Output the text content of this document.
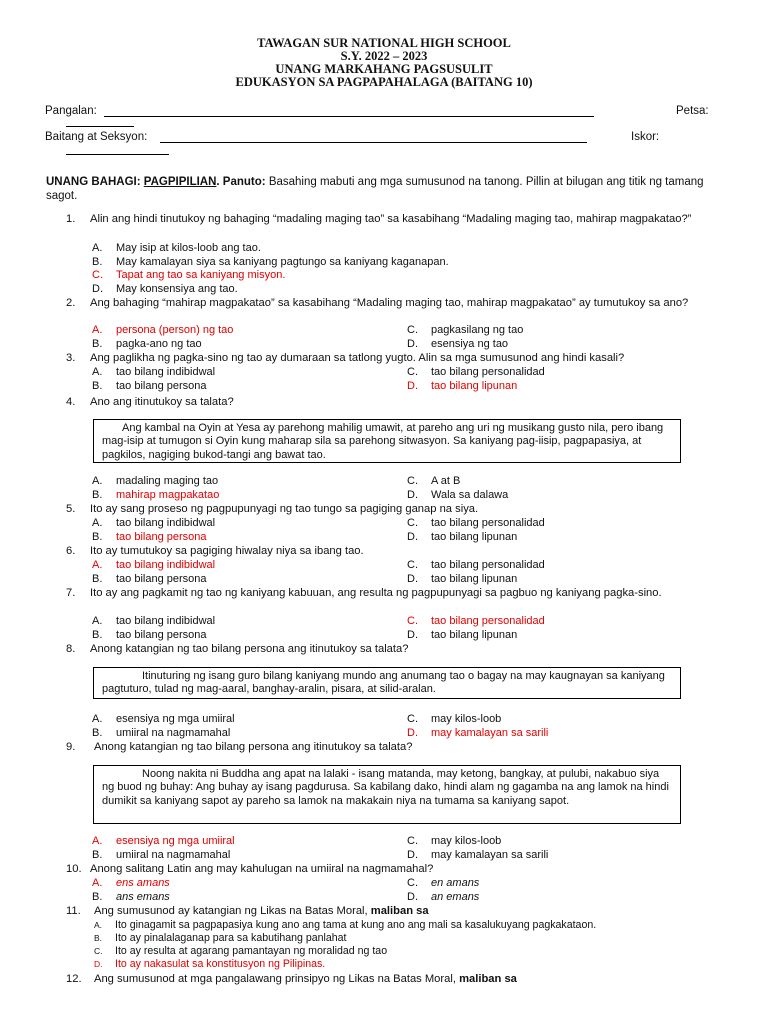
TAWAGAN SUR NATIONAL HIGH SCHOOL
S.Y. 2022 – 2023
UNANG MARKAHANG PAGSUSULIT
EDUKASYON SA PAGPAPAHALAGA (BAITANG 10)
Pangalan:	Petsa:
Baitang at Seksyon:	Iskor:
UNANG BAHAGI: PAGPIPILIAN. Panuto: Basahing mabuti ang mga sumusunod na tanong. Pillin at bilugan ang titik ng tamang sagot.
1. Alin ang hindi tinutukoy ng bahaging “madaling maging tao” sa kasabihang “Madaling maging tao, mahirap magpakatao?”
A. May isip at kilos-loob ang tao.
B. May kamalayan siya sa kaniyang pagtungo sa kaniyang kaganapan.
C. Tapat ang tao sa kaniyang misyon.
D. May konsensiya ang tao.
2. Ang bahaging “mahirap magpakatao” sa kasabihang “Madaling maging tao, mahirap magpakatao” ay tumutukoy sa ano?
A. persona (person) ng tao	C. pagkasilang ng tao
B. pagka-ano ng tao	D. esensiya ng tao
3. Ang paglikha ng pagka-sino ng tao ay dumaraan sa tatlong yugto. Alin sa mga sumusunod ang hindi kasali?
A. tao bilang indibidwal	C. tao bilang personalidad
B. tao bilang persona	D. tao bilang lipunan
4. Ano ang itinutukoy sa talata?
Ang kambal na Oyin at Yesa ay parehong mahilig umawit, at pareho ang uri ng musikang gusto nila, pero ibang mag-isip at tumugon si Oyin kung maharap sila sa parehong sitwasyon. Sa kaniyang pag-iisip, pagpapasiya, at pagkilos, nagiging bukod-tangi ang bawat tao.
A. madaling maging tao	C. A at B
B. mahirap magpakatao	D. Wala sa dalawa
5. Ito ay sang proseso ng pagpupunyagi ng tao tungo sa pagiging ganap na siya.
A. tao bilang indibidwal	C. tao bilang personalidad
B. tao bilang persona	D. tao bilang lipunan
6. Ito ay tumutukoy sa pagiging hiwalay niya sa ibang tao.
A. tao bilang indibidwal	C. tao bilang personalidad
B. tao bilang persona	D. tao bilang lipunan
7. Ito ay ang pagkamit ng tao ng kaniyang kabuuan, ang resulta ng pagpupunyagi sa pagbuo ng kaniyang pagka-sino.
A. tao bilang indibidwal	C. tao bilang personalidad
B. tao bilang persona	D. tao bilang lipunan
8. Anong katangian ng tao bilang persona ang itinutukoy sa talata?
Itinuturing ng isang guro bilang kaniyang mundo ang anumang tao o bagay na may kaugnayan sa kaniyang pagtuturo, tulad ng mag-aaral, banghay-aralin, pisara, at silid-aralan.
A. esensiya ng mga umiiral	C. may kilos-loob
B. umiiral na nagmamahal	D. may kamalayan sa sarili
9. Anong katangian ng tao bilang persona ang itinutukoy sa talata?
Noong nakita ni Buddha ang apat na lalaki - isang matanda, may ketong, bangkay, at pulubi, nakabuo siya ng buod ng buhay: Ang buhay ay isang pagdurusa. Sa kabilang dako, hindi alam ng gagamba na ang lamok na hindi dumikit sa kaniyang sapot ay pareho sa lamok na makakain niya na tumama sa kaniyang sapot.
A. esensiya ng mga umiiral	C. may kilos-loob
B. umiiral na nagmamahal	D. may kamalayan sa sarili
10. Anong salitang Latin ang may kahulugan na umiiral na nagmamahal?
A. ens amans	C. en amans
B. ans emans	D. an emans
11. Ang sumusunod ay katangian ng Likas na Batas Moral, maliban sa
A. Ito ginagamit sa pagpapasiya kung ano ang tama at kung ano ang mali sa kasalukuyang pagkakataon.
B. Ito ay pinalalaganap para sa kabutihang panlahat
C. Ito ay resulta at agarang pamantayan ng moralidad ng tao
D. Ito ay nakasulat sa konstitusyon ng Pilipinas.
12. Ang sumusunod at mga pangalawang prinsipyo ng Likas na Batas Moral, maliban sa
